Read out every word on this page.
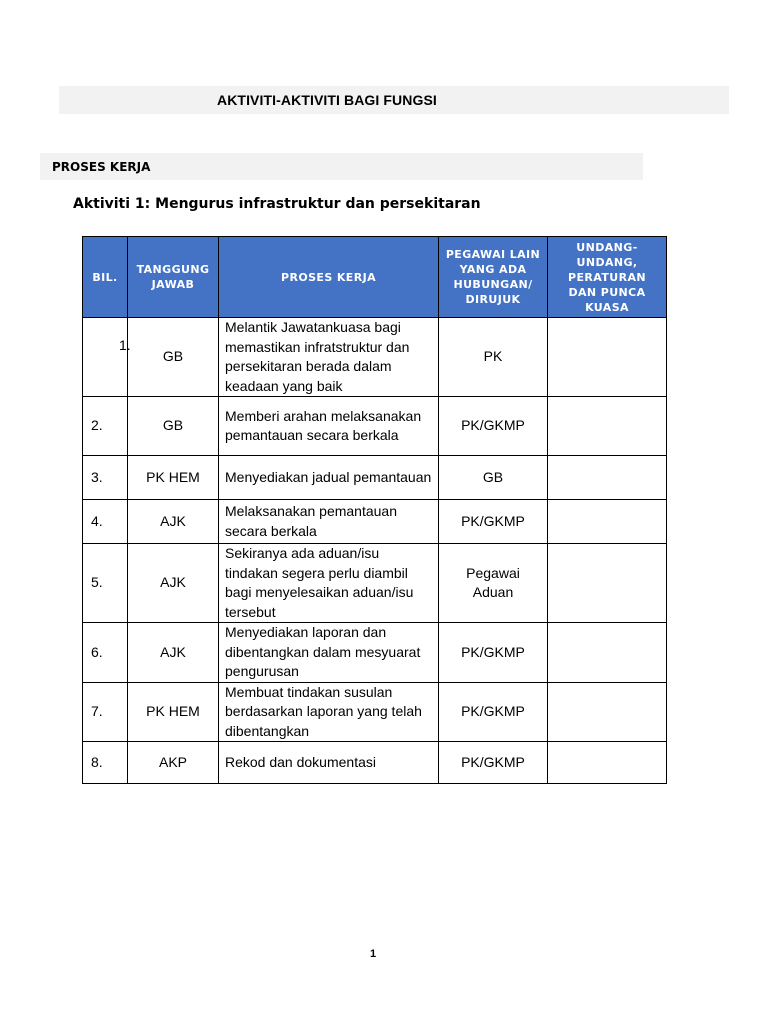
AKTIVITI-AKTIVITI BAGI FUNGSI
PROSES KERJA
Aktiviti 1: Mengurus infrastruktur dan persekitaran
BIL.	TANGGUNG JAWAB	PROSES KERJA	PEGAWAI LAIN YANG ADA HUBUNGAN/ DIRUJUK	UNDANG-UNDANG, PERATURAN DAN PUNCA KUASA

1.	GB	Melantik Jawatankuasa bagi memastikan infratstruktur dan persekitaran berada dalam keadaan yang baik	PK	
2.	GB	Memberi arahan melaksanakan pemantauan secara berkala	PK/GKMP	
3.	PK HEM	Menyediakan jadual pemantauan	GB	
4.	AJK	Melaksanakan pemantauan secara berkala	PK/GKMP	
5.	AJK	Sekiranya ada aduan/isu tindakan segera perlu diambil bagi menyelesaikan aduan/isu tersebut	Pegawai Aduan	
6.	AJK	Menyediakan laporan dan dibentangkan dalam mesyuarat pengurusan	PK/GKMP	
7.	PK HEM	Membuat tindakan susulan berdasarkan laporan yang telah dibentangkan	PK/GKMP	
8.	AKP	Rekod dan dokumentasi	PK/GKMP	
1
